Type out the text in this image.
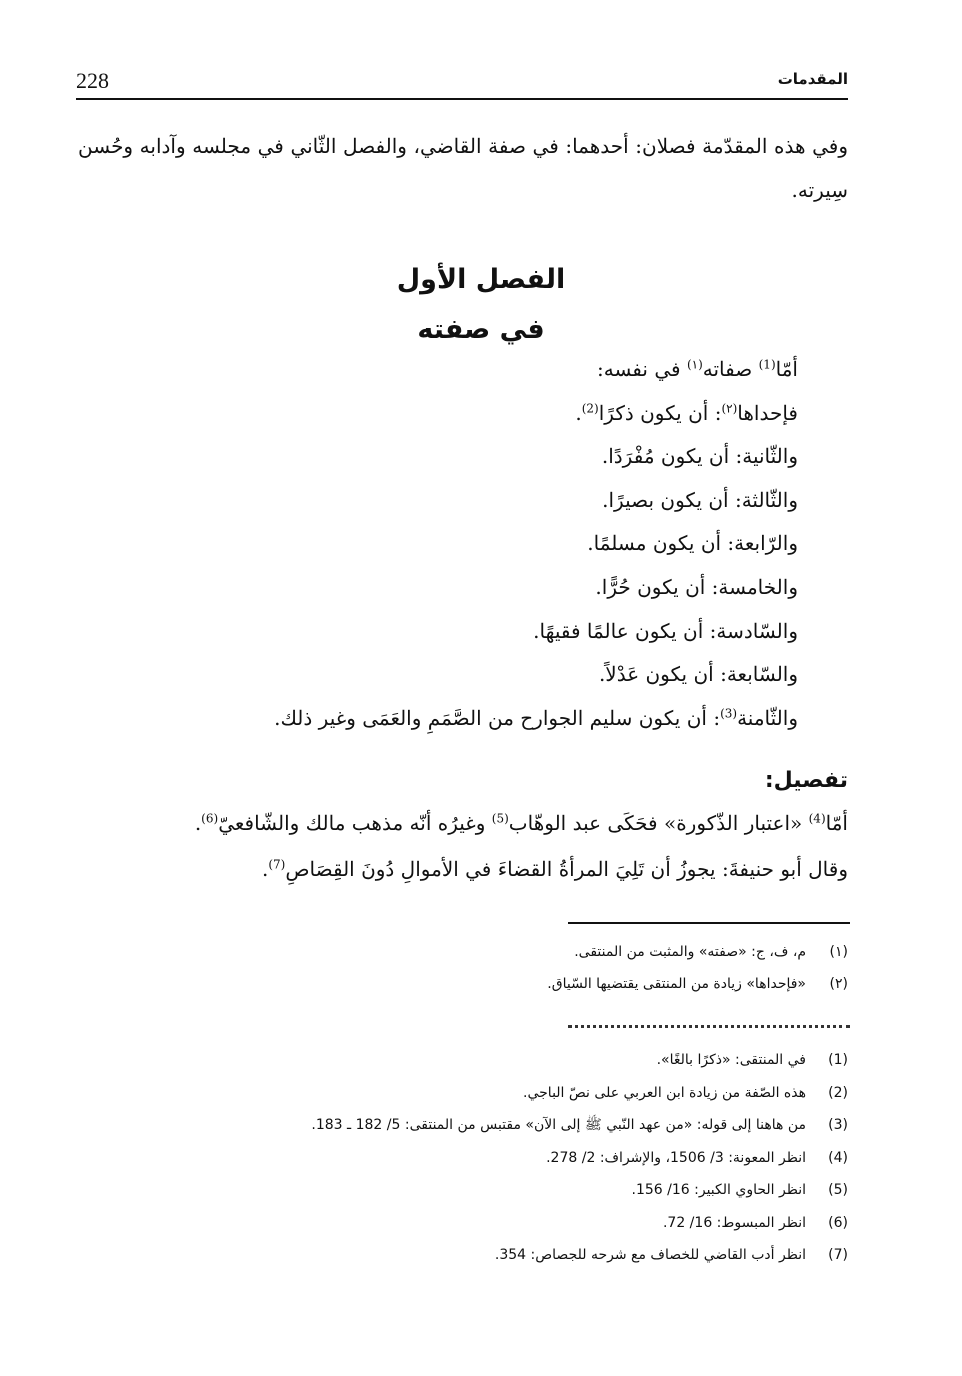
228	المقدمات
وفي هذه المقدّمة فصلان: أحدهما: في صفة القاضي، والفصل الثّاني في مجلسه وآدابه وحُسن سِيرته.
الفصل الأول
في صفته

أمّا$^{(1)}$ صفاته$^{(١)}$ في نفسه:

فإحداها$^{(٢)}$: أن يكون ذكرًا$^{(2)}$.

والثّانية: أن يكون مُفْرَدًا.

والثّالثة: أن يكون بصيرًا.

والرّابعة: أن يكون مسلمًا.

والخامسة: أن يكون حُرًّا.

والسّادسة: أن يكون عالمًا فقيهًا.

والسّابعة: أن يكون عَدْلاً.

والثّامنة$^{(3)}$: أن يكون سليم الجوارح من الصَّمَمِ والعَمَى وغير ذلك.

تفصيل:

أمّا$^{(4)}$ «اعتبار الذّكورة» فحَكَى عبد الوهّاب$^{(5)}$ وغيرُه أنّه مذهب مالك والشّافعيّ$^{(6)}$.

وقال أبو حنيفةَ: يجوزُ أن تَلِيَ المرأةُ القضاءَ في الأموالِ دُونَ القِصَاصِ$^{(7)}$.

(١)
م، ف، ج: «صفته» والمثبت من المنتقى.
(٢)
«فإحداها» زيادة من المنتقى يقتضيها السّياق.
(1)
في المنتقى: «ذكرًا بالغًا».
(2)
هذه الصّفة من زيادة ابن العربي على نصّ الباجي.
(3)
من هاهنا إلى قوله: «من عهد النّبي ﷺ إلى الآن» مقتبس من المنتقى: 5/ 182 ـ 183.
(4)
انظر المعونة: 3/ 1506، والإشراف: 2/ 278.
(5)
انظر الحاوي الكبير: 16/ 156.
(6)
انظر المبسوط: 16/ 72.
(7)
انظر أدب القاضي للخصاف مع شرحه للجصاص: 354.
